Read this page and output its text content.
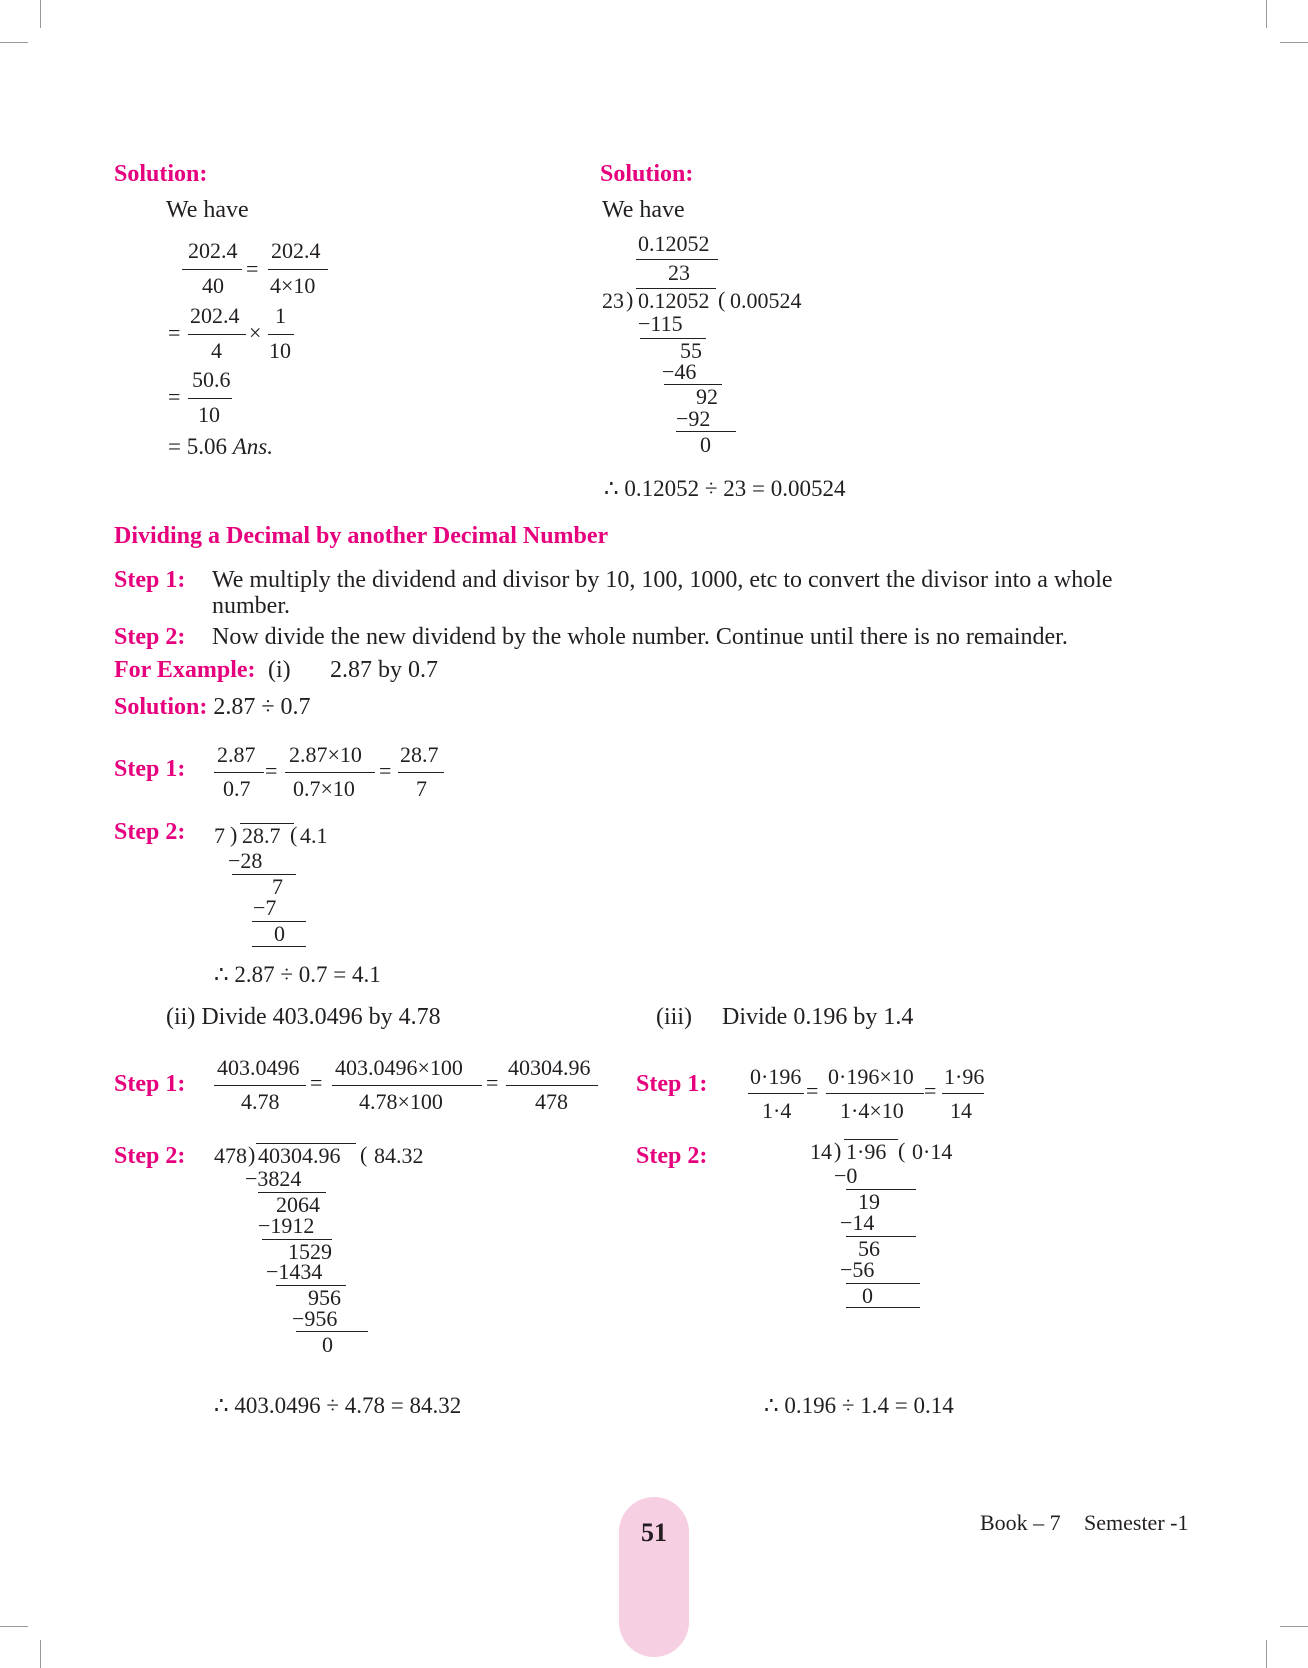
Solution:
We have
202.4
40
=
202.4
4×10
=
202.4
4
×
1
10
=
50.6
10
= 5.06 Ans.
Solution:
We have
0.12052
23
23 ) 0.12052 ( 0.00524
−115
55
−46
92
−92
0
∴ 0.12052 ÷ 23 = 0.00524
Dividing a Decimal by another Decimal Number
Step 1: We multiply the dividend and divisor by 10, 100, 1000, etc to convert the divisor into a whole
number.
Step 2: Now divide the new dividend by the whole number. Continue until there is no remainder.
For Example: (i) 2.87 by 0.7
Solution: 2.87 ÷ 0.7
Step 1:
2.87
0.7
=
2.87×10
0.7×10
=
28.7
7
Step 2: 7 ) 28.7 ( 4.1
−28
7
−7
0
∴ 2.87 ÷ 0.7 = 4.1
(ii) Divide 403.0496 by 4.78
Step 1:
403.0496
4.78
=
403.0496×100
4.78×100
=
40304.96
478
Step 2: 478 ) 40304.96 ( 84.32
−3824
2064
−1912
1529
−1434
956
−956
0
∴ 403.0496 ÷ 4.78 = 84.32
(iii) Divide 0.196 by 1.4
Step 1: 0·196
1·4
=
0·196×10
1·4×10
=
1·96
14
Step 2:	14 ) 1·96 ( 0·14
−0
19
−14
56
−56
0
∴ 0.196 ÷ 1.4 = 0.14
51	Book – 7 Semester -1
